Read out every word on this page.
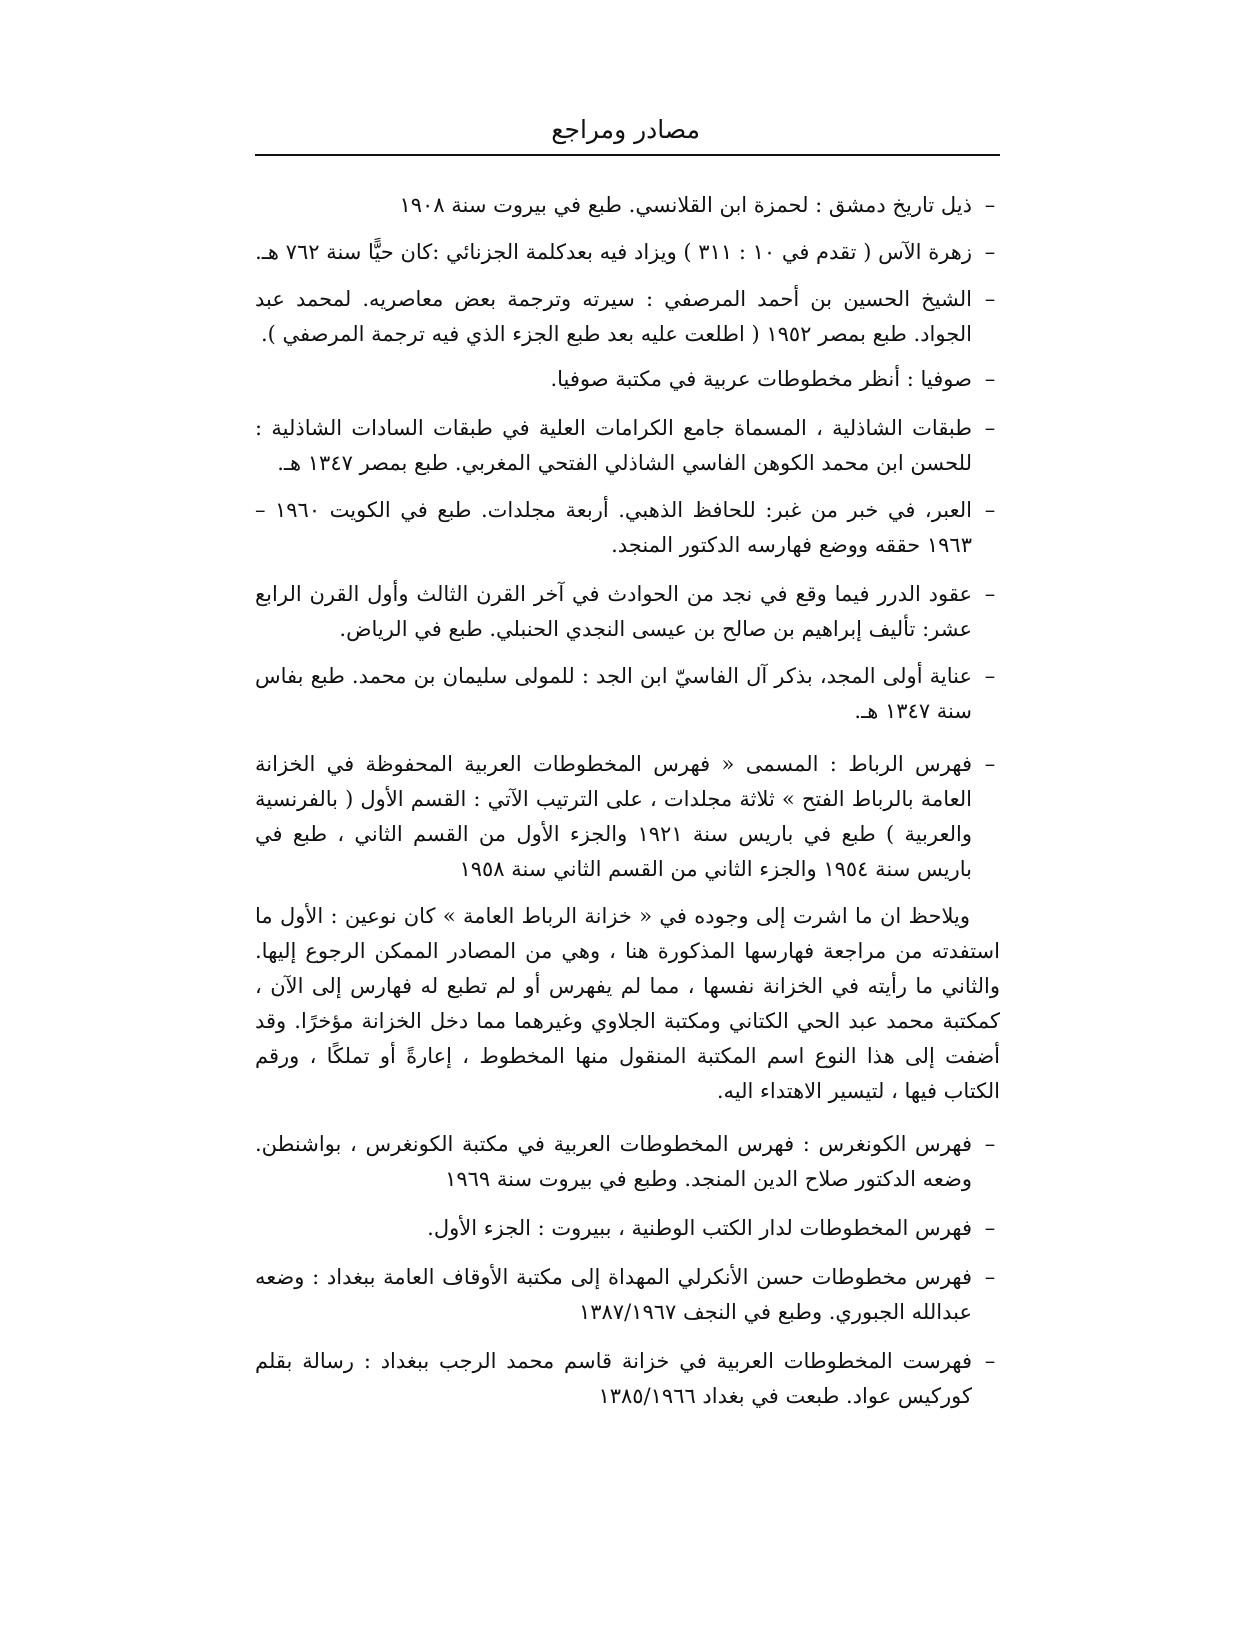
مصادر ومراجع
–
ذيل تاريخ دمشق : لحمزة ابن القلانسي. طبع في بيروت سنة ١٩٠٨
–
زهرة الآس ( تقدم في ١٠ : ٣١١ ) ويزاد فيه بعدكلمة الجزنائي :كان حيًّا سنة ٧٦٢ هـ.
–
الشيخ الحسين بن أحمد المرصفي : سيرته وترجمة بعض معاصريه. لمحمد عبد الجواد. طبع بمصر ١٩٥٢ ( اطلعت عليه بعد طبع الجزء الذي فيه ترجمة المرصفي ).
–
صوفيا : أنظر مخطوطات عربية في مكتبة صوفيا.
–
طبقات الشاذلية ، المسماة جامع الكرامات العلية في طبقات السادات الشاذلية : للحسن ابن محمد الكوهن الفاسي الشاذلي الفتحي المغربي. طبع بمصر ١٣٤٧ هـ.
–
العبر، في خبر من غبر: للحافظ الذهبي. أربعة مجلدات. طبع في الكويت ١٩٦٠ – ١٩٦٣ حققه ووضع فهارسه الدكتور المنجد.
–
عقود الدرر فيما وقع في نجد من الحوادث في آخر القرن الثالث وأول القرن الرابع عشر: تأليف إبراهيم بن صالح بن عيسى النجدي الحنبلي. طبع في الرياض.
–
عناية أولى المجد، بذكر آل الفاسيّ ابن الجد : للمولى سليمان بن محمد. طبع بفاس سنة ١٣٤٧ هـ.
–
فهرس الرباط : المسمى « فهرس المخطوطات العربية المحفوظة في الخزانة العامة بالرباط الفتح » ثلاثة مجلدات ، على الترتيب الآتي : القسم الأول ( بالفرنسية والعربية ) طبع في باريس سنة ١٩٢١ والجزء الأول من القسم الثاني ، طبع في باريس سنة ١٩٥٤ والجزء الثاني من القسم الثاني سنة ١٩٥٨
ويلاحظ ان ما اشرت إلى وجوده في « خزانة الرباط العامة » كان نوعين : الأول ما استفدته من مراجعة فهارسها المذكورة هنا ، وهي من المصادر الممكن الرجوع إليها. والثاني ما رأيته في الخزانة نفسها ، مما لم يفهرس أو لم تطبع له فهارس إلى الآن ، كمكتبة محمد عبد الحي الكتاني ومكتبة الجلاوي وغيرهما مما دخل الخزانة مؤخرًا. وقد أضفت إلى هذا النوع اسم المكتبة المنقول منها المخطوط ، إعارةً أو تملكًا ، ورقم الكتاب فيها ، لتيسير الاهتداء اليه.
–
فهرس الكونغرس : فهرس المخطوطات العربية في مكتبة الكونغرس ، بواشنطن. وضعه الدكتور صلاح الدين المنجد. وطبع في بيروت سنة ١٩٦٩
–
فهرس المخطوطات لدار الكتب الوطنية ، ببيروت : الجزء الأول.
–
فهرس مخطوطات حسن الأنكرلي المهداة إلى مكتبة الأوقاف العامة ببغداد : وضعه عبدالله الجبوري. وطبع في النجف ١٣٨٧/١٩٦٧
–
فهرست المخطوطات العربية في خزانة قاسم محمد الرجب ببغداد : رسالة بقلم كوركيس عواد. طبعت في بغداد ١٣٨٥/١٩٦٦
